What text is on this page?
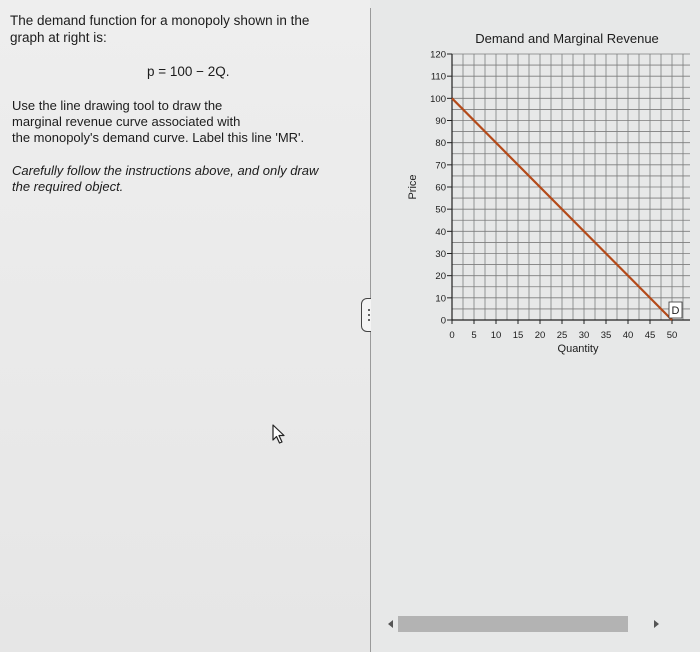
The demand function for a monopoly shown in the
graph at right is:
p = 100 − 2Q.
Use the line drawing tool to draw the
marginal revenue curve associated with
the monopoly's demand curve. Label this line 'MR'.
Carefully follow the instructions above, and only draw
the required object.
0
10
20
30
40
50
60
70
80
90
100
110
120
0 5 10 15 20 25 30 35 40 45 50
D
Demand and Marginal Revenue
Quantity
Price
